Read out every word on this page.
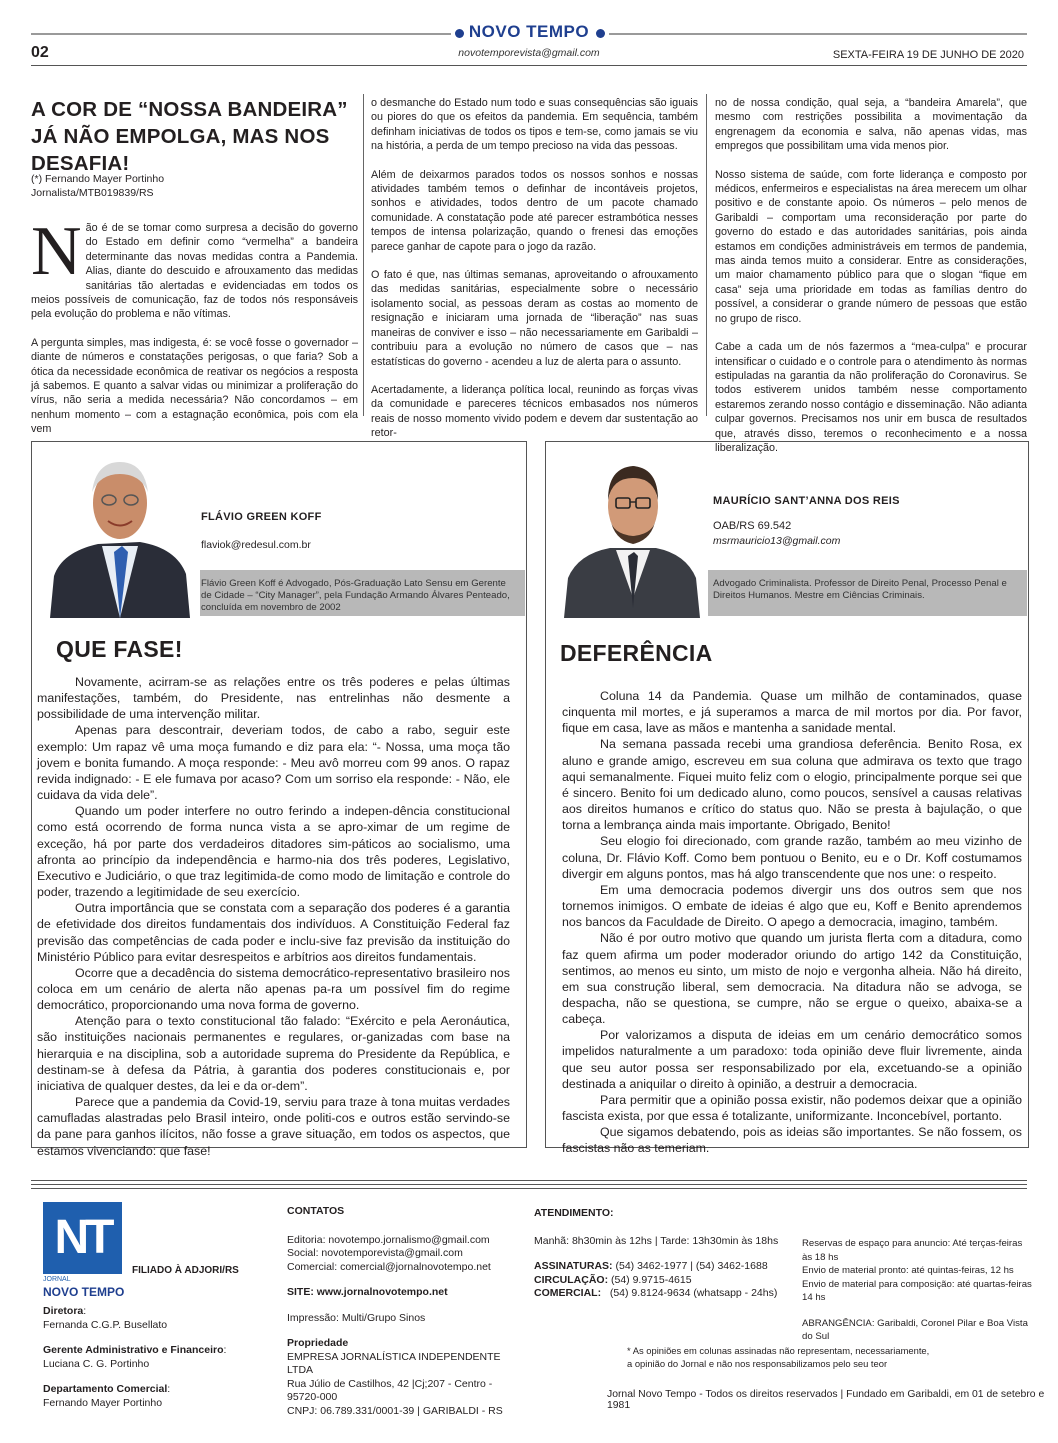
NOVO TEMPO
novotemporevista@gmail.com
02	SEXTA-FEIRA 19 DE JUNHO DE 2020
A COR DE “NOSSA BANDEIRA” JÁ NÃO EMPOLGA, MAS NOS DESAFIA!
(*) Fernando Mayer Portinho
Jornalista/MTB019839/RS

Não é de se tomar como surpresa a decisão do governo do Estado em definir como “vermelha” a bandeira determinante das novas medidas contra a Pandemia. Alias, diante do descuido e afrouxamento das medidas sanitárias tão alertadas e evidenciadas em todos os meios possíveis de comunicação, faz de todos nós responsáveis pela evolução do problema e não vítimas.

A pergunta simples, mas indigesta, é: se você fosse o governador – diante de números e constatações perigosas, o que faria? Sob a ótica da necessidade econômica de reativar os negócios a resposta já sabemos. E quanto a salvar vidas ou minimizar a proliferação do vírus, não seria a medida necessária? Não concordamos – em nenhum momento – com a estagnação econômica, pois com ela vem

o desmanche do Estado num todo e suas consequências são iguais ou piores do que os efeitos da pandemia. Em sequência, também definham iniciativas de todos os tipos e tem-se, como jamais se viu na história, a perda de um tempo precioso na vida das pessoas.

Além de deixarmos parados todos os nossos sonhos e nossas atividades também temos o definhar de incontáveis projetos, sonhos e atividades, todos dentro de um pacote chamado comunidade. A constatação pode até parecer estrambótica nesses tempos de intensa polarização, quando o frenesi das emoções parece ganhar de capote para o jogo da razão.

O fato é que, nas últimas semanas, aproveitando o afrouxamento das medidas sanitárias, especialmente sobre o necessário isolamento social, as pessoas deram as costas ao momento de resignação e iniciaram uma jornada de “liberação” nas suas maneiras de conviver e isso – não necessariamente em Garibaldi – contribuiu para a evolução no número de casos que – nas estatísticas do governo - acendeu a luz de alerta para o assunto.

Acertadamente, a liderança política local, reunindo as forças vivas da comunidade e pareceres técnicos embasados nos números reais de nosso momento vivido podem e devem dar sustentação ao retor-

no de nossa condição, qual seja, a “bandeira Amarela”, que mesmo com restrições possibilita a movimentação da engrenagem da economia e salva, não apenas vidas, mas empregos que possibilitam uma vida menos pior.

Nosso sistema de saúde, com forte liderança e composto por médicos, enfermeiros e especialistas na área merecem um olhar positivo e de constante apoio. Os números – pelo menos de Garibaldi – comportam uma reconsideração por parte do governo do estado e das autoridades sanitárias, pois ainda estamos em condições administráveis em termos de pandemia, mas ainda temos muito a considerar. Entre as considerações, um maior chamamento público para que o slogan “fique em casa” seja uma prioridade em todas as famílias dentro do possível, a considerar o grande número de pessoas que estão no grupo de risco.

Cabe a cada um de nós fazermos a “mea-culpa” e procurar intensificar o cuidado e o controle para o atendimento às normas estipuladas na garantia da não proliferação do Coronavirus. Se todos estiverem unidos também nesse comportamento estaremos zerando nosso contágio e disseminação. Não adianta culpar governos. Precisamos nos unir em busca de resultados que, através disso, teremos o reconhecimento e a nossa liberalização.

FLÁVIO GREEN KOFF
flaviok@redesul.com.br
Flávio Green Koff é Advogado, Pós-Graduação Lato Sensu em Gerente de Cidade – “City Manager”, pela Fundação Armando Álvares Penteado, concluída em novembro de 2002
QUE FASE!

Novamente, acirram-se as relações entre os três poderes e pelas últimas manifestações, também, do Presidente, nas entrelinhas não desmente a possibilidade de uma intervenção militar.

Apenas para descontrair, deveriam todos, de cabo a rabo, seguir este exemplo: Um rapaz vê uma moça fumando e diz para ela: “- Nossa, uma moça tão jovem e bonita fumando. A moça responde: - Meu avô morreu com 99 anos. O rapaz revida indignado: - E ele fumava por acaso? Com um sorriso ela responde: - Não, ele cuidava da vida dele”.

Quando um poder interfere no outro ferindo a indepen-dência constitucional como está ocorrendo de forma nunca vista a se apro-ximar de um regime de exceção, há por parte dos verdadeiros ditadores sim-páticos ao socialismo, uma afronta ao princípio da independência e harmo-nia dos três poderes, Legislativo, Executivo e Judiciário, o que traz legitimida-de como modo de limitação e controle do poder, trazendo a legitimidade de seu exercício.

Outra importância que se constata com a separação dos poderes é a garantia de efetividade dos direitos fundamentais dos indivíduos. A Constituição Federal faz previsão das competências de cada poder e inclu-sive faz previsão da instituição do Ministério Público para evitar desrespeitos e arbítrios aos direitos fundamentais.

Ocorre que a decadência do sistema democrático-representativo brasileiro nos coloca em um cenário de alerta não apenas pa-ra um possível fim do regime democrático, proporcionando uma nova forma de governo.

Atenção para o texto constitucional tão falado: “Exército e pela Aeronáutica, são instituições nacionais permanentes e regulares, or-ganizadas com base na hierarquia e na disciplina, sob a autoridade suprema do Presidente da República, e destinam-se à defesa da Pátria, à garantia dos poderes constitucionais e, por iniciativa de qualquer destes, da lei e da or-dem”.

Parece que a pandemia da Covid-19, serviu para traze à tona muitas verdades camufladas alastradas pelo Brasil inteiro, onde politi-cos e outros estão servindo-se da pane para ganhos ilícitos, não fosse a grave situação, em todos os aspectos, que estamos vivenciando: que fase!

MAURÍCIO SANT’ANNA DOS REIS
OAB/RS 69.542
msrmauricio13@gmail.com
Advogado Criminalista. Professor de Direito Penal, Processo Penal e Direitos Humanos. Mestre em Ciências Criminais.
DEFERÊNCIA

Coluna 14 da Pandemia. Quase um milhão de contaminados, quase cinquenta mil mortes, e já superamos a marca de mil mortos por dia. Por favor, fique em casa, lave as mãos e mantenha a sanidade mental.

Na semana passada recebi uma grandiosa deferência. Benito Rosa, ex aluno e grande amigo, escreveu em sua coluna que admirava os texto que trago aqui semanalmente. Fiquei muito feliz com o elogio, principalmente porque sei que é sincero. Benito foi um dedicado aluno, como poucos, sensível a causas relativas aos direitos humanos e crítico do status quo. Não se presta à bajulação, o que torna a lembrança ainda mais importante. Obrigado, Benito!

Seu elogio foi direcionado, com grande razão, também ao meu vizinho de coluna, Dr. Flávio Koff. Como bem pontuou o Benito, eu e o Dr. Koff costumamos divergir em alguns pontos, mas há algo transcendente que nos une: o respeito.

Em uma democracia podemos divergir uns dos outros sem que nos tornemos inimigos. O embate de ideias é algo que eu, Koff e Benito aprendemos nos bancos da Faculdade de Direito. O apego a democracia, imagino, também.

Não é por outro motivo que quando um jurista flerta com a ditadura, como faz quem afirma um poder moderador oriundo do artigo 142 da Constituição, sentimos, ao menos eu sinto, um misto de nojo e vergonha alheia. Não há direito, em sua construção liberal, sem democracia. Na ditadura não se advoga, se despacha, não se questiona, se cumpre, não se ergue o queixo, abaixa-se a cabeça.

Por valorizamos a disputa de ideias em um cenário democrático somos impelidos naturalmente a um paradoxo: toda opinião deve fluir livremente, ainda que seu autor possa ser responsabilizado por ela, excetuando-se a opinião destinada a aniquilar o direito à opinião, a destruir a democracia.

Para permitir que a opinião possa existir, não podemos deixar que a opinião fascista exista, por que essa é totalizante, uniformizante. Inconcebível, portanto.

Que sigamos debatendo, pois as ideias são importantes. Se não fossem, os fascistas não as temeriam.

NT
JORNAL
NOVO TEMPO
FILIADO À ADJORI/RS
Diretora:
Fernanda C.G.P. Busellato
Gerente Administrativo e Financeiro:
Luciana C. G. Portinho
Departamento Comercial:
Fernando Mayer Portinho
CONTATOS
Editoria: novotempo.jornalismo@gmail.com
Social: novotemporevista@gmail.com
Comercial: comercial@jornalnovotempo.net
SITE: www.jornalnovotempo.net
Impressão: Multi/Grupo Sinos
Propriedade
EMPRESA JORNALÍSTICA INDEPENDENTE LTDA
Rua Júlio de Castilhos, 42 |Cj;207 - Centro - 95720-000
CNPJ: 06.789.331/0001-39 | GARIBALDI - RS
ATENDIMENTO:
Manhã: 8h30min às 12hs | Tarde: 13h30min às 18hs
ASSINATURAS: (54) 3462-1977 | (54) 3462-1688
CIRCULAÇÃO: (54) 9.9715-4615
COMERCIAL: (54) 9.8124-9634 (whatsapp - 24hs)
Reservas de espaço para anuncio: Até terças-feiras às 18 hs
Envio de material pronto: até quintas-feiras, 12 hs
Envio de material para composição: até quartas-feiras 14 hs
ABRANGÊNCIA: Garibaldi, Coronel Pilar e Boa Vista do Sul
* As opiniões em colunas assinadas não representam, necessariamente,
a opinião do Jornal e não nos responsabilizamos pelo seu teor
Jornal Novo Tempo - Todos os direitos reservados | Fundado em Garibaldi, em 01 de setebro e 1981
